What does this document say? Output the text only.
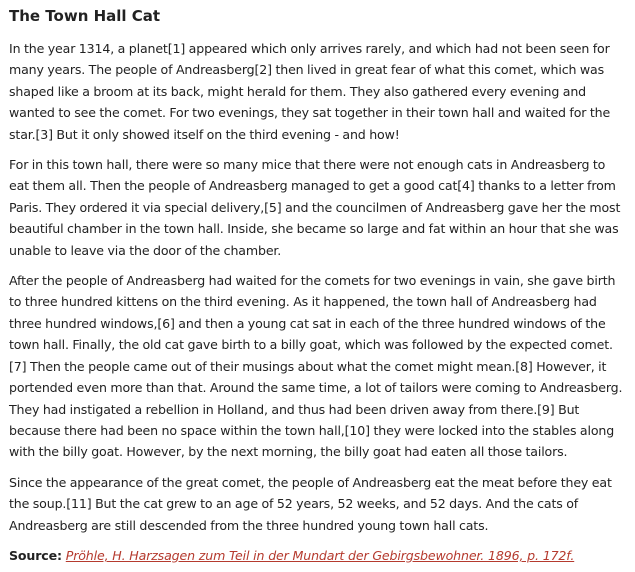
The Town Hall Cat

In the year 1314, a planet[1] appeared which only arrives rarely, and which had not been seen for many years. The people of Andreasberg[2] then lived in great fear of what this comet, which was shaped like a broom at its back, might herald for them. They also gathered every evening and wanted to see the comet. For two evenings, they sat together in their town hall and waited for the star.[3] But it only showed itself on the third evening - and how!

For in this town hall, there were so many mice that there were not enough cats in Andreasberg to eat them all. Then the people of Andreasberg managed to get a good cat[4] thanks to a letter from Paris. They ordered it via special delivery,[5] and the councilmen of Andreasberg gave her the most beautiful chamber in the town hall. Inside, she became so large and fat within an hour that she was unable to leave via the door of the chamber.

After the people of Andreasberg had waited for the comets for two evenings in vain, she gave birth to three hundred kittens on the third evening. As it happened, the town hall of Andreasberg had three hundred windows,[6] and then a young cat sat in each of the three hundred windows of the town hall. Finally, the old cat gave birth to a billy goat, which was followed by the expected comet.[7] Then the people came out of their musings about what the comet might mean.[8] However, it portended even more than that. Around the same time, a lot of tailors were coming to Andreasberg. They had instigated a rebellion in Holland, and thus had been driven away from there.[9] But because there had been no space within the town hall,[10] they were locked into the stables along with the billy goat. However, by the next morning, the billy goat had eaten all those tailors.

Since the appearance of the great comet, the people of Andreasberg eat the meat before they eat the soup.[11] But the cat grew to an age of 52 years, 52 weeks, and 52 days. And the cats of Andreasberg are still descended from the three hundred young town hall cats.

Source: Pröhle, H. Harzsagen zum Teil in der Mundart der Gebirgsbewohner. 1896, p. 172f.
